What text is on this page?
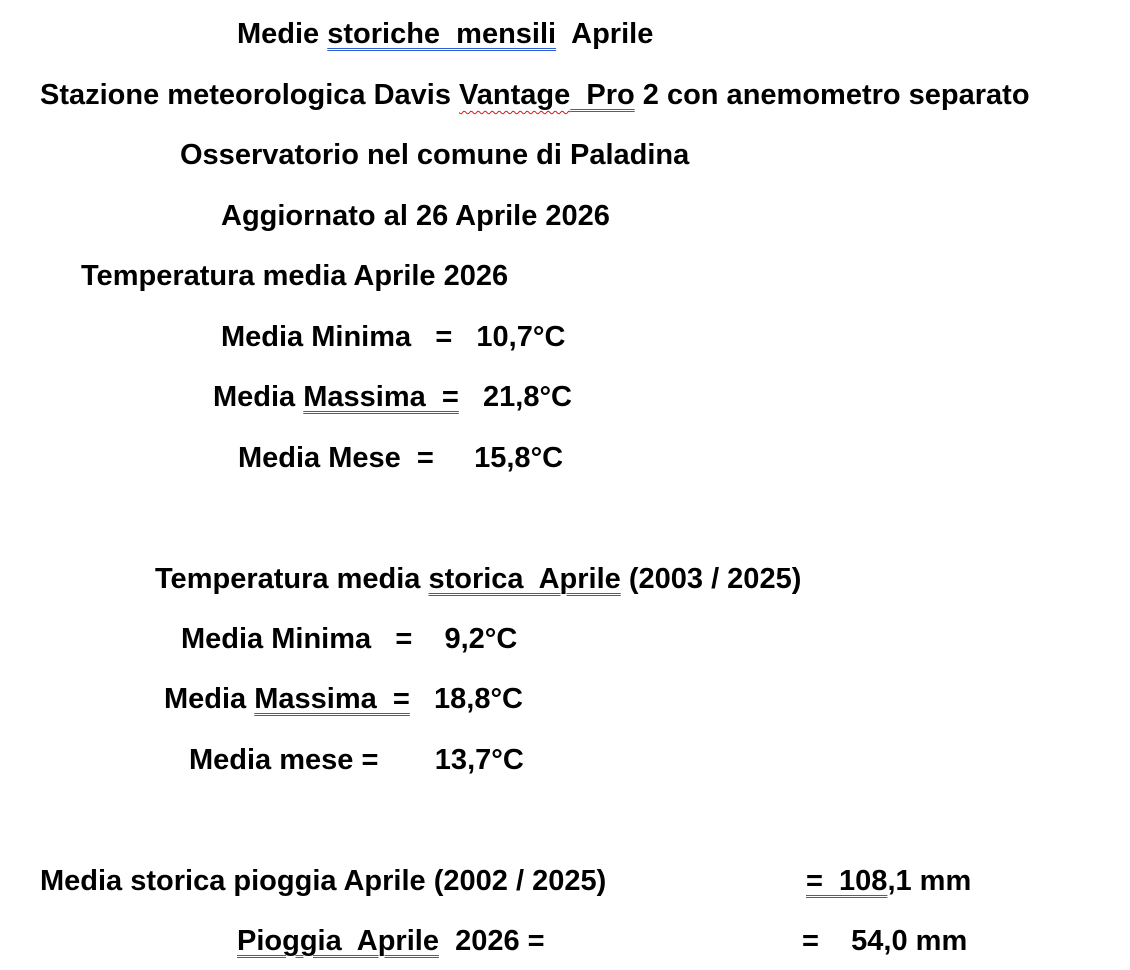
Medie storiche  mensili  Aprile
Stazione meteorologica Davis Vantage  Pro 2 con anemometro separato
Osservatorio nel comune di Paladina
Aggiornato al 26 Aprile 2026
Temperatura media Aprile 2026
Media Minima   =   10,7°C
Media Massima  =   21,8°C
Media Mese  =     15,8°C
Temperatura media storica  Aprile (2003 / 2025)
Media Minima   =    9,2°C
Media Massima  =   18,8°C
Media mese =       13,7°C
Media storica pioggia Aprile (2002 / 2025)	=  108,1 mm
Pioggia  Aprile  2026 =	=    54,0 mm
